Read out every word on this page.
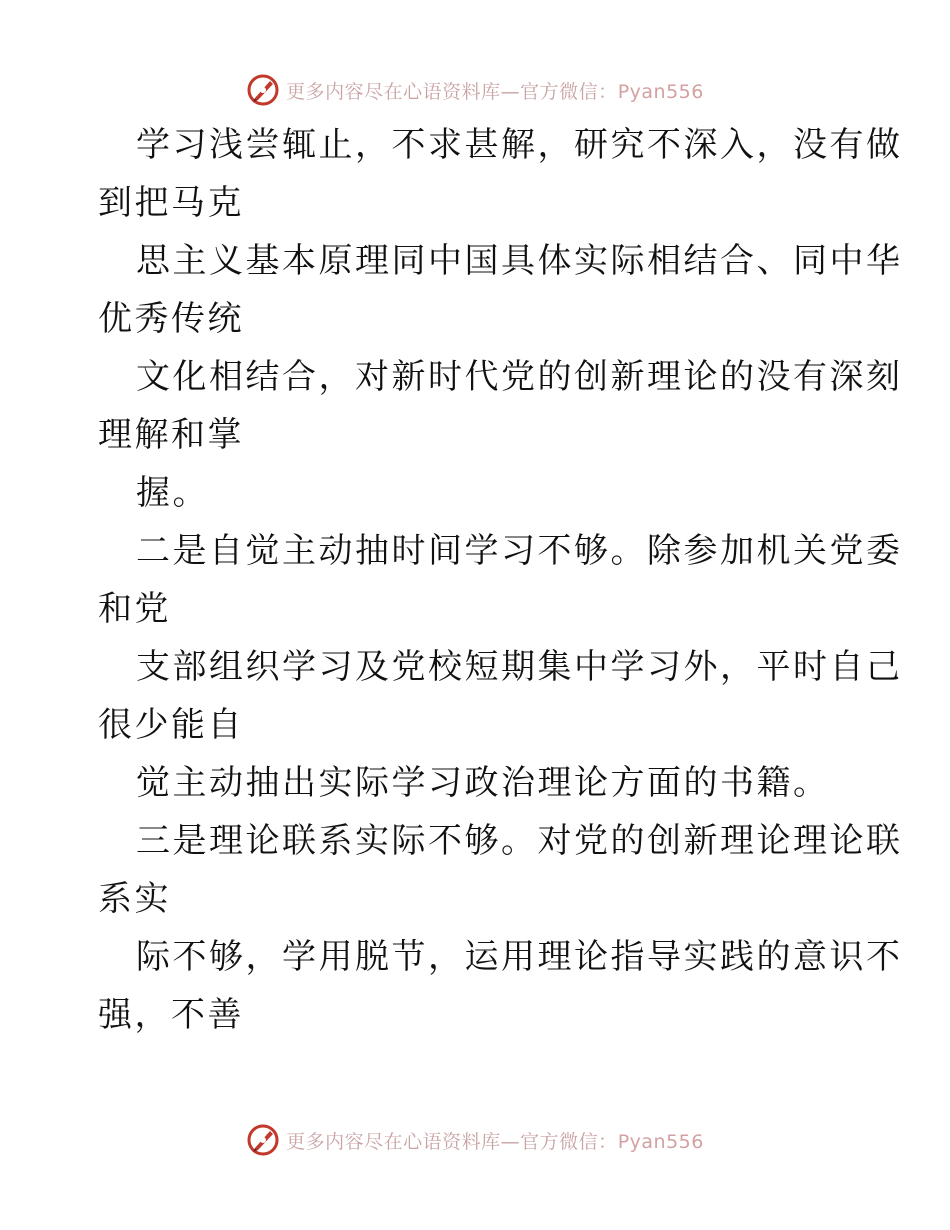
更多内容尽在心语资料库—官方微信：Pyan556
学习浅尝辄止，不求甚解，研究不深入，没有做
到把马克
思主义基本原理同中国具体实际相结合、同中华
优秀传统
文化相结合，对新时代党的创新理论的没有深刻
理解和掌
握。
二是自觉主动抽时间学习不够。除参加机关党委
和党
支部组织学习及党校短期集中学习外，平时自己
很少能自
觉主动抽出实际学习政治理论方面的书籍。
三是理论联系实际不够。对党的创新理论理论联
系实
际不够，学用脱节，运用理论指导实践的意识不
强，不善
更多内容尽在心语资料库—官方微信：Pyan556
